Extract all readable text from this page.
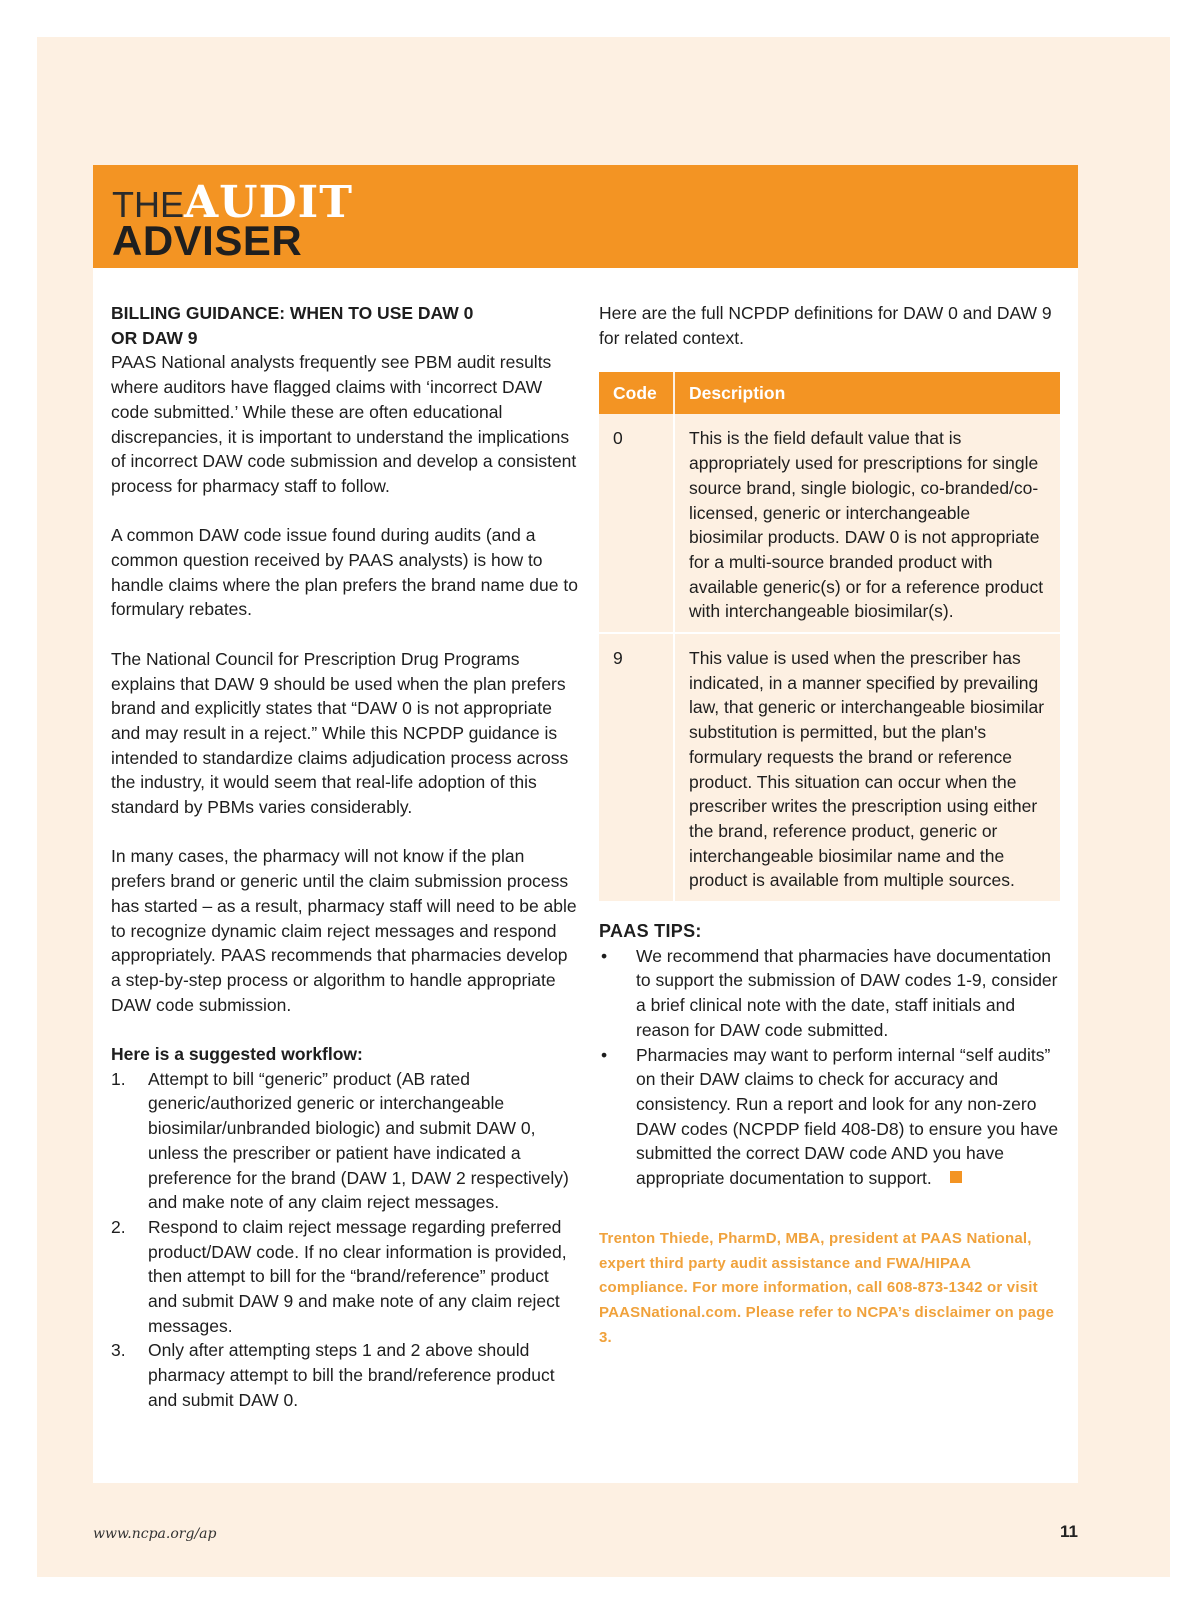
THEAUDIT
ADVISER
BILLING GUIDANCE: WHEN TO USE DAW 0
OR DAW 9

PAAS National analysts frequently see PBM audit results where auditors have flagged claims with ‘incorrect DAW code submitted.’ While these are often educational discrepancies, it is important to understand the implications of incorrect DAW code submission and develop a consistent process for pharmacy staff to follow.

A common DAW code issue found during audits (and a common question received by PAAS analysts) is how to handle claims where the plan prefers the brand name due to formulary rebates.

The National Council for Prescription Drug Programs explains that DAW 9 should be used when the plan prefers brand and explicitly states that “DAW 0 is not appropriate and may result in a reject.” While this NCPDP guidance is intended to standardize claims adjudication process across the industry, it would seem that real-life adoption of this standard by PBMs varies considerably.

In many cases, the pharmacy will not know if the plan prefers brand or generic until the claim submission process has started – as a result, pharmacy staff will need to be able to recognize dynamic claim reject messages and respond appropriately. PAAS recommends that pharmacies develop a step-by-step process or algorithm to handle appropriate DAW code submission.

Here is a suggested workflow:
1. Attempt to bill “generic” product (AB rated generic/authorized generic or interchangeable biosimilar/unbranded biologic) and submit DAW 0, unless the prescriber or patient have indicated a preference for the brand (DAW 1, DAW 2 respectively) and make note of any claim reject messages.
2. Respond to claim reject message regarding preferred product/DAW code. If no clear information is provided, then attempt to bill for the “brand/reference” product and submit DAW 9 and make note of any claim reject messages.
3. Only after attempting steps 1 and 2 above should pharmacy attempt to bill the brand/reference product and submit DAW 0.

Here are the full NCPDP definitions for DAW 0 and DAW 9 for related context.

Code	Description
0	This is the field default value that is appropriately used for prescriptions for single source brand, single biologic, co-branded/co-licensed, generic or interchangeable biosimilar products. DAW 0 is not appropriate for a multi-source branded product with available generic(s) or for a reference product with interchangeable biosimilar(s).
9	This value is used when the prescriber has indicated, in a manner specified by prevailing law, that generic or interchangeable biosimilar substitution is permitted, but the plan's formulary requests the brand or reference product. This situation can occur when the prescriber writes the prescription using either the brand, reference product, generic or interchangeable biosimilar name and the product is available from multiple sources.
PAAS TIPS:
• We recommend that pharmacies have documentation to support the submission of DAW codes 1-9, consider a brief clinical note with the date, staff initials and reason for DAW code submitted.
• Pharmacies may want to perform internal “self audits” on their DAW claims to check for accuracy and consistency. Run a report and look for any non-zero DAW codes (NCPDP field 408-D8) to ensure you have submitted the correct DAW code AND you have appropriate documentation to support.
Trenton Thiede, PharmD, MBA, president at PAAS National, expert third party audit assistance and FWA/HIPAA compliance. For more information, call 608-873-1342 or visit PAASNational.com. Please refer to NCPA’s disclaimer on page 3.
www.ncpa.org/ap	11
